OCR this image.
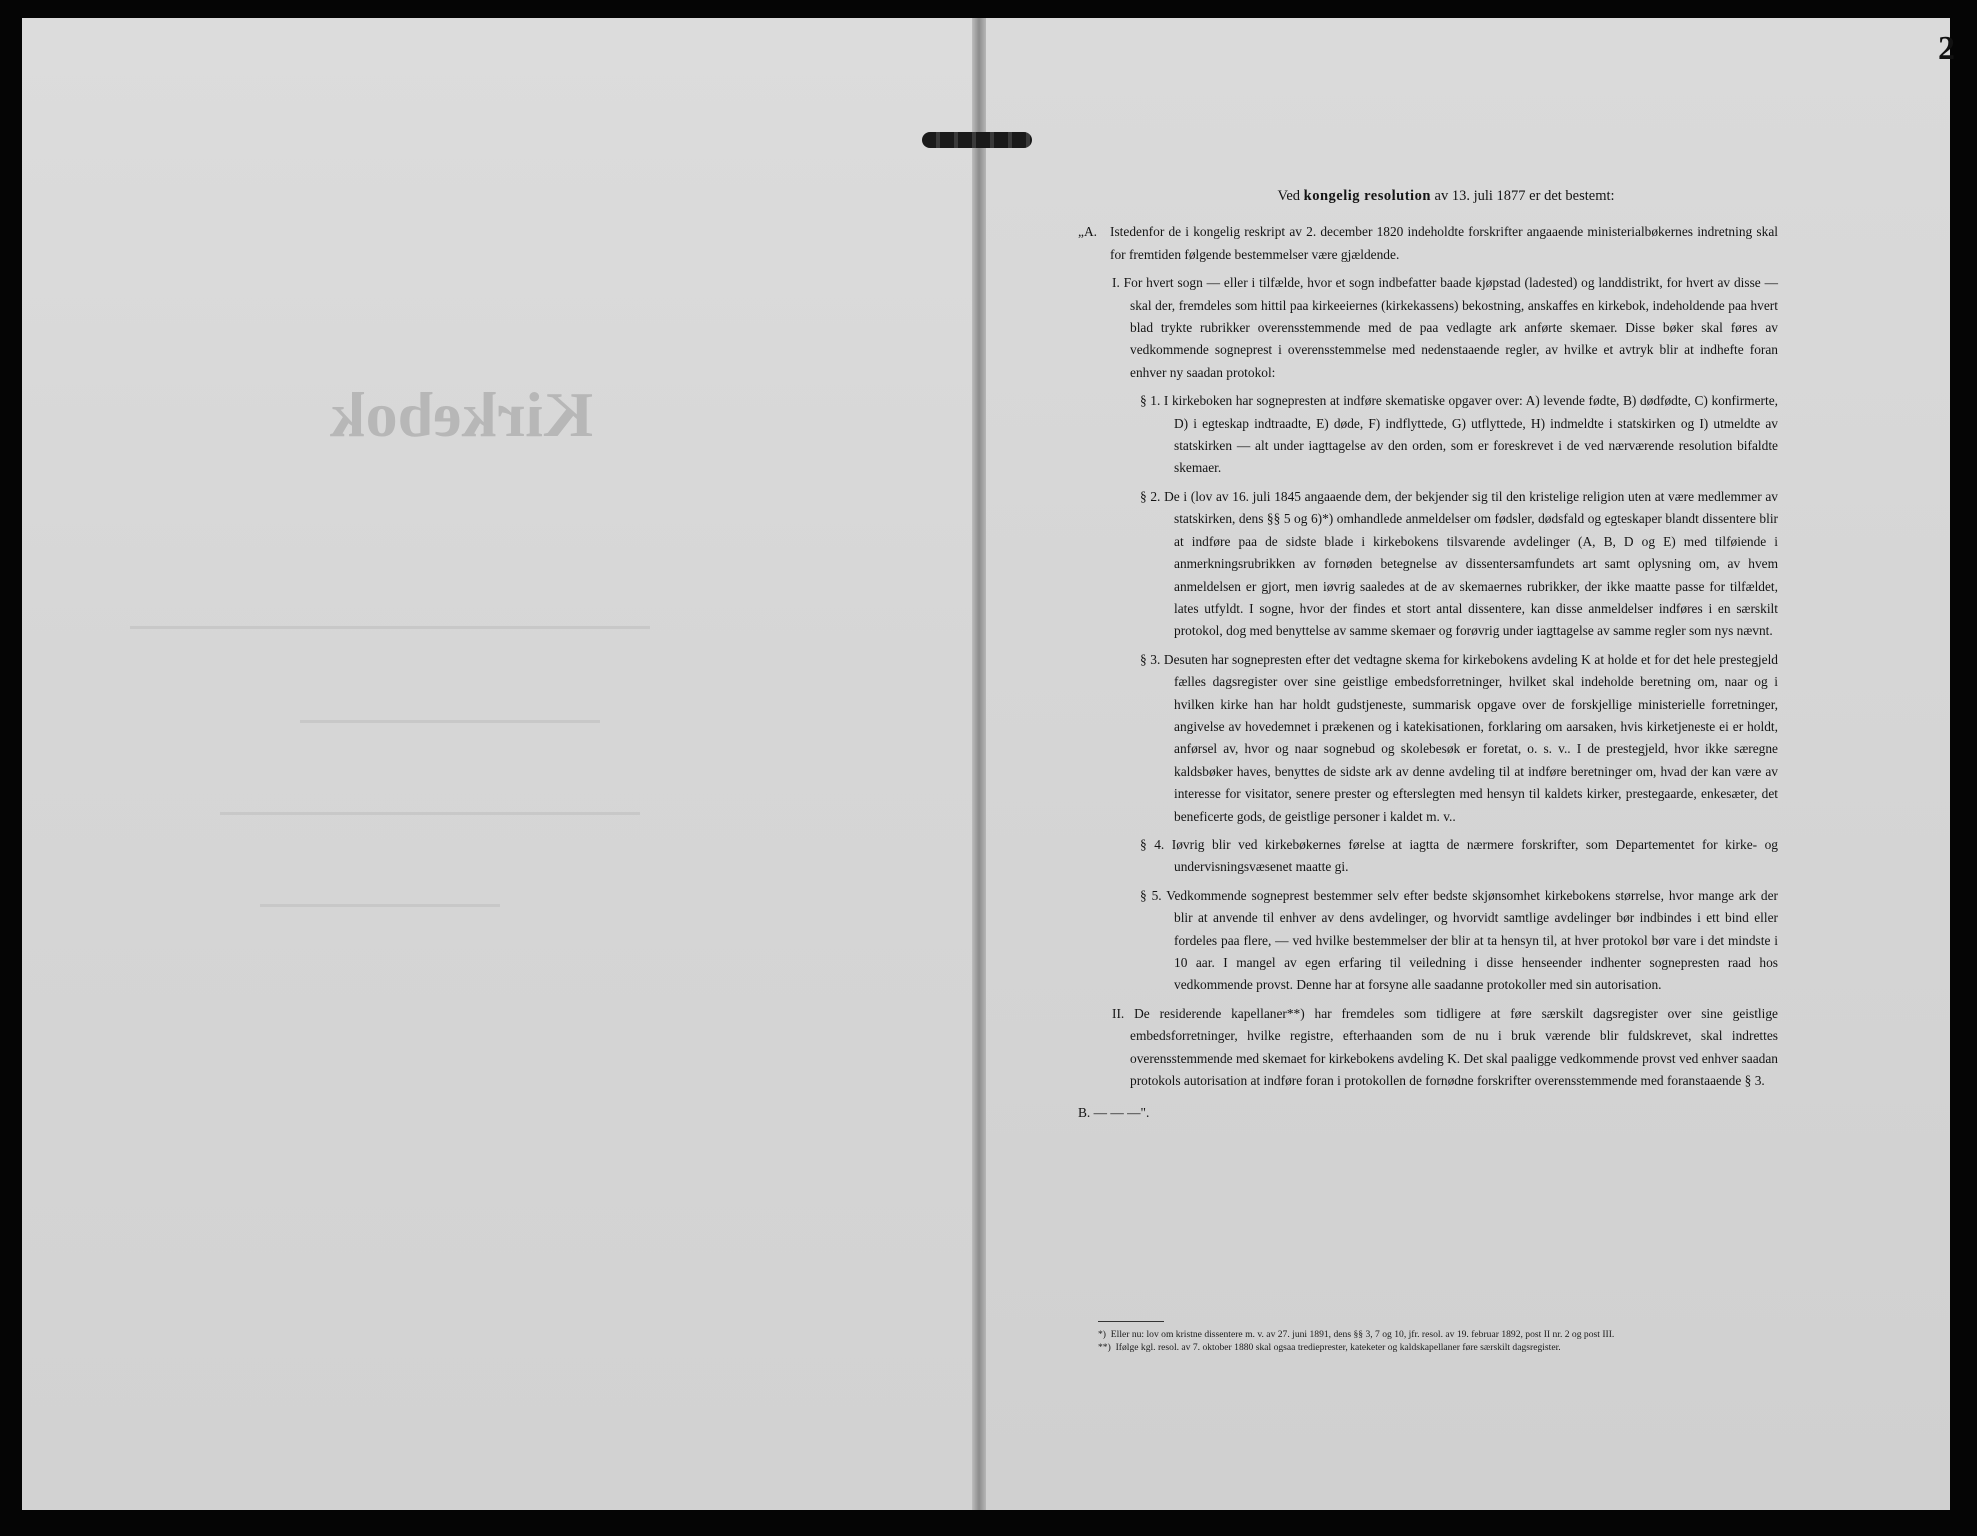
Kirkebok
2

Ved kongelig resolution av 13. juli 1877 er det bestemt:

„A. Istedenfor de i kongelig reskript av 2. december 1820 indeholdte forskrifter angaaende ministerialbøkernes indretning skal for fremtiden følgende bestemmelser være gjældende.

I. For hvert sogn — eller i tilfælde, hvor et sogn indbefatter baade kjøpstad (ladested) og landdistrikt, for hvert av disse — skal der, fremdeles som hittil paa kirkeeiernes (kirkekassens) bekostning, anskaffes en kirkebok, indeholdende paa hvert blad trykte rubrikker overensstemmende med de paa vedlagte ark anførte skemaer. Disse bøker skal føres av vedkommende sogneprest i overensstemmelse med nedenstaaende regler, av hvilke et avtryk blir at indhefte foran enhver ny saadan protokol:

§ 1. I kirkeboken har sognepresten at indføre skematiske opgaver over: A) levende fødte, B) dødfødte, C) konfirmerte, D) i egteskap indtraadte, E) døde, F) indflyttede, G) utflyttede, H) indmeldte i statskirken og I) utmeldte av statskirken — alt under iagttagelse av den orden, som er foreskrevet i de ved nærværende resolution bifaldte skemaer.

§ 2. De i (lov av 16. juli 1845 angaaende dem, der bekjender sig til den kristelige religion uten at være medlemmer av statskirken, dens §§ 5 og 6)*) omhandlede anmeldelser om fødsler, dødsfald og egteskaper blandt dissentere blir at indføre paa de sidste blade i kirkebokens tilsvarende avdelinger (A, B, D og E) med tilføiende i anmerkningsrubrikken av fornøden betegnelse av dissentersamfundets art samt oplysning om, av hvem anmeldelsen er gjort, men iøvrig saaledes at de av skemaernes rubrikker, der ikke maatte passe for tilfældet, lates utfyldt. I sogne, hvor der findes et stort antal dissentere, kan disse anmeldelser indføres i en særskilt protokol, dog med benyttelse av samme skemaer og forøvrig under iagttagelse av samme regler som nys nævnt.

§ 3. Desuten har sognepresten efter det vedtagne skema for kirkebokens avdeling K at holde et for det hele prestegjeld fælles dagsregister over sine geistlige embedsforretninger, hvilket skal indeholde beretning om, naar og i hvilken kirke han har holdt gudstjeneste, summarisk opgave over de forskjellige ministerielle forretninger, angivelse av hovedemnet i prækenen og i katekisationen, forklaring om aarsaken, hvis kirketjeneste ei er holdt, anførsel av, hvor og naar sognebud og skolebesøk er foretat, o. s. v.. I de prestegjeld, hvor ikke særegne kaldsbøker haves, benyttes de sidste ark av denne avdeling til at indføre beretninger om, hvad der kan være av interesse for visitator, senere prester og efterslegten med hensyn til kaldets kirker, prestegaarde, enkesæter, det beneficerte gods, de geistlige personer i kaldet m. v..

§ 4. Iøvrig blir ved kirkebøkernes førelse at iagtta de nærmere forskrifter, som Departementet for kirke- og undervisningsvæsenet maatte gi.

§ 5. Vedkommende sogneprest bestemmer selv efter bedste skjønsomhet kirkebokens størrelse, hvor mange ark der blir at anvende til enhver av dens avdelinger, og hvorvidt samtlige avdelinger bør indbindes i ett bind eller fordeles paa flere, — ved hvilke bestemmelser der blir at ta hensyn til, at hver protokol bør vare i det mindste i 10 aar. I mangel av egen erfaring til veiledning i disse henseender indhenter sognepresten raad hos vedkommende provst. Denne har at forsyne alle saadanne protokoller med sin autorisation.

II. De residerende kapellaner**) har fremdeles som tidligere at føre særskilt dagsregister over sine geistlige embedsforretninger, hvilke registre, efterhaanden som de nu i bruk værende blir fuldskrevet, skal indrettes overensstemmende med skemaet for kirkebokens avdeling K. Det skal paaligge vedkommende provst ved enhver saadan protokols autorisation at indføre foran i protokollen de fornødne forskrifter overensstemmende med foranstaaende § 3.

B. — — —".

*) Eller nu: lov om kristne dissentere m. v. av 27. juni 1891, dens §§ 3, 7 og 10, jfr. resol. av 19. februar 1892, post II nr. 2 og post III.
**) Ifølge kgl. resol. av 7. oktober 1880 skal ogsaa tredieprester, kateketer og kaldskapellaner føre særskilt dagsregister.
